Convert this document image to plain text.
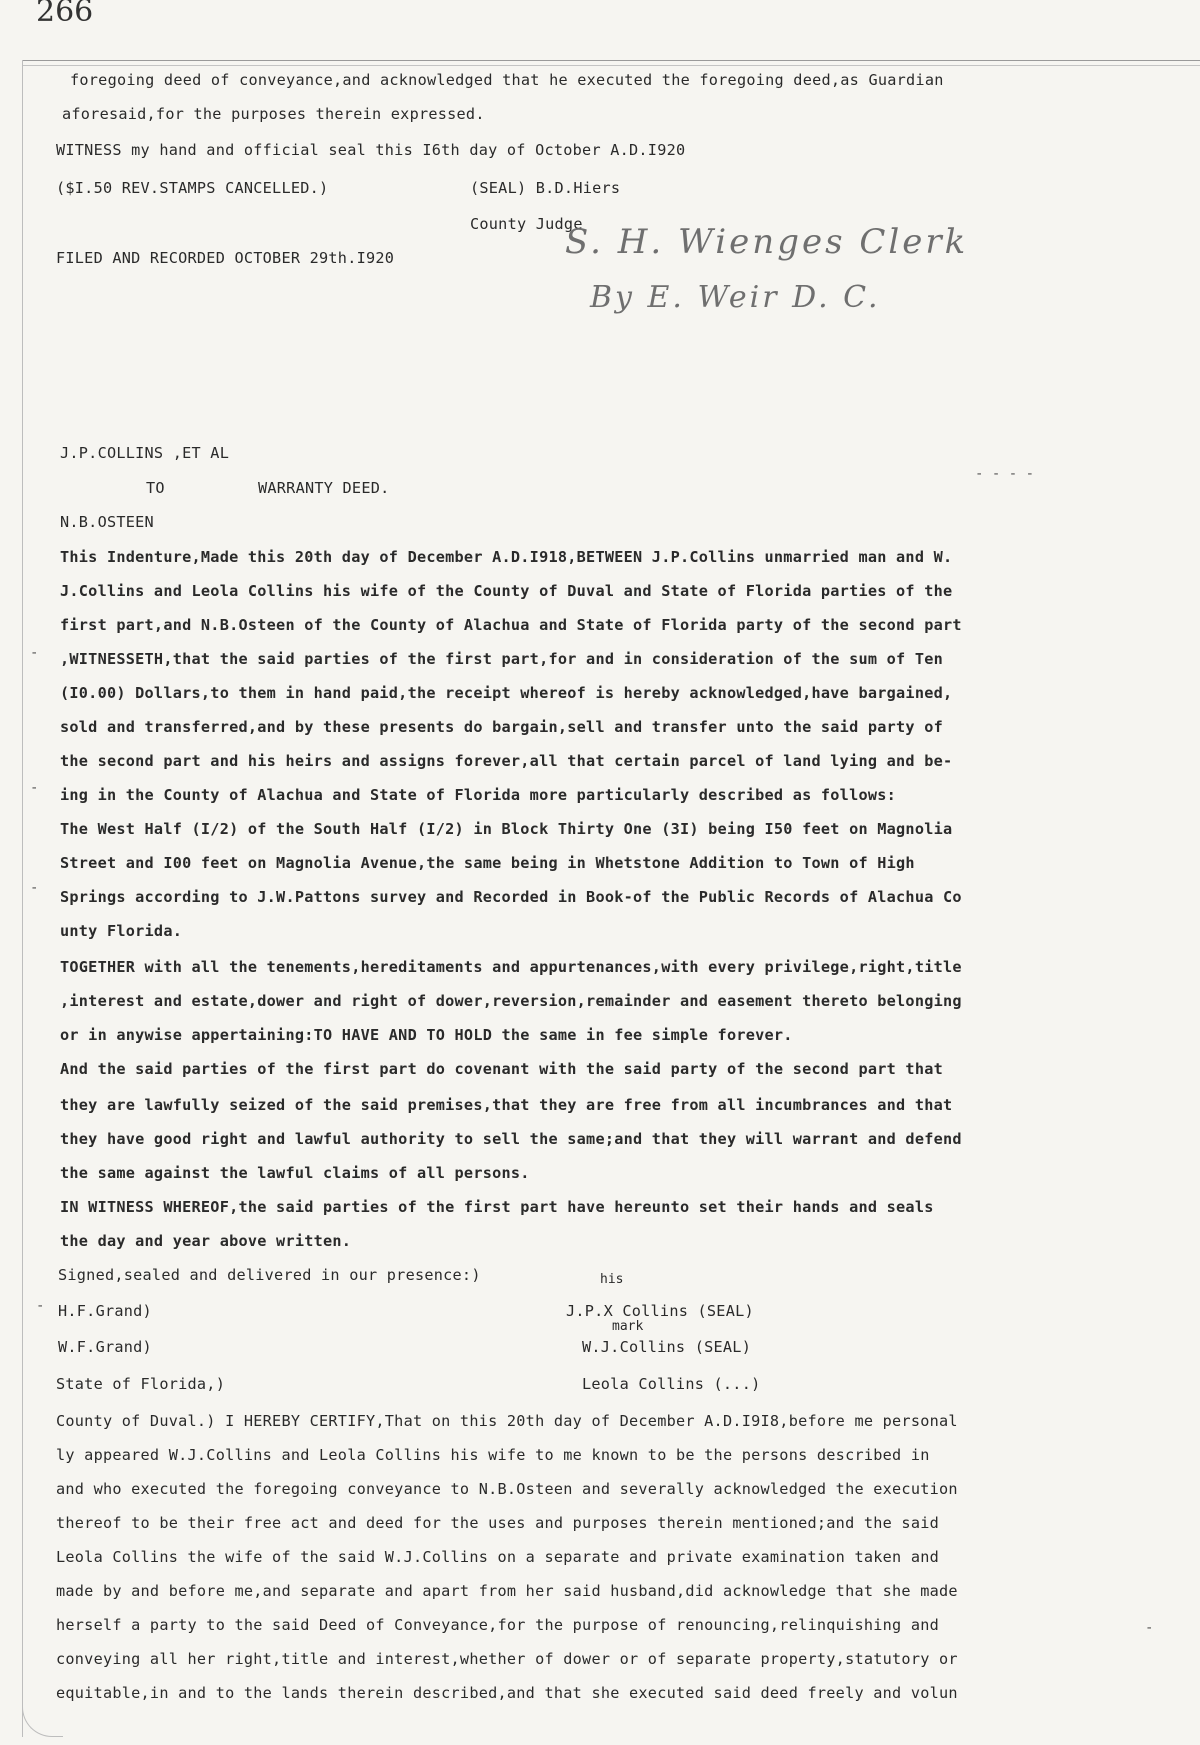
266
foregoing deed of conveyance,and acknowledged that he executed the foregoing deed,as Guardian
aforesaid,for the purposes therein expressed.
WITNESS my hand and official seal this I6th day of October A.D.I920
($I.50 REV.STAMPS CANCELLED.)	(SEAL) B.D.Hiers
County Judge
FILED AND RECORDED OCTOBER 29th.I920	S. H. Wienges Clerk
By E. Weir D. C.
J.P.COLLINS ,ET AL
TO	WARRANTY DEED.
N.B.OSTEEN
- - - -
This Indenture,Made this 20th day of December A.D.I918,BETWEEN J.P.Collins unmarried man and W.
J.Collins and Leola Collins his wife of the County of Duval and State of Florida parties of the
first part,and N.B.Osteen of the County of Alachua and State of Florida party of the second part
,WITNESSETH,that the said parties of the first part,for and in consideration of the sum of Ten
(I0.00) Dollars,to them in hand paid,the receipt whereof is hereby acknowledged,have bargained,
sold and transferred,and by these presents do bargain,sell and transfer unto the said party of
the second part and his heirs and assigns forever,all that certain parcel of land lying and be-
ing in the County of Alachua and State of Florida more particularly described as follows:
The West Half (I/2) of the South Half (I/2) in Block Thirty One (3I) being I50 feet on Magnolia
Street and I00 feet on Magnolia Avenue,the same being in Whetstone Addition to Town of High
Springs according to J.W.Pattons survey and Recorded in Book-of the Public Records of Alachua Co
unty Florida.
TOGETHER with all the tenements,hereditaments and appurtenances,with every privilege,right,title
,interest and estate,dower and right of dower,reversion,remainder and easement thereto belonging
or in anywise appertaining:TO HAVE AND TO HOLD the same in fee simple forever.
And the said parties of the first part do covenant with the said party of the second part that
they are lawfully seized of the said premises,that they are free from all incumbrances and that
they have good right and lawful authority to sell the same;and that they will warrant and defend
the same against the lawful claims of all persons.
IN WITNESS WHEREOF,the said parties of the first part have hereunto set their hands and seals
the day and year above written.
-
-
-
Signed,sealed and delivered in our presence:)	his
H.F.Grand)	J.P.X Collins (SEAL)
mark
W.F.Grand)	W.J.Collins (SEAL)
-
State of Florida,)	Leola Collins (...)
County of Duval.) I HEREBY CERTIFY,That on this 20th day of December A.D.I9I8,before me personal
ly appeared W.J.Collins and Leola Collins his wife to me known to be the persons described in
and who executed the foregoing conveyance to N.B.Osteen and severally acknowledged the execution
thereof to be their free act and deed for the uses and purposes therein mentioned;and the said
Leola Collins the wife of the said W.J.Collins on a separate and private examination taken and
made by and before me,and separate and apart from her said husband,did acknowledge that she made
herself a party to the said Deed of Conveyance,for the purpose of renouncing,relinquishing and
conveying all her right,title and interest,whether of dower or of separate property,statutory or
equitable,in and to the lands therein described,and that she executed said deed freely and volun
-
